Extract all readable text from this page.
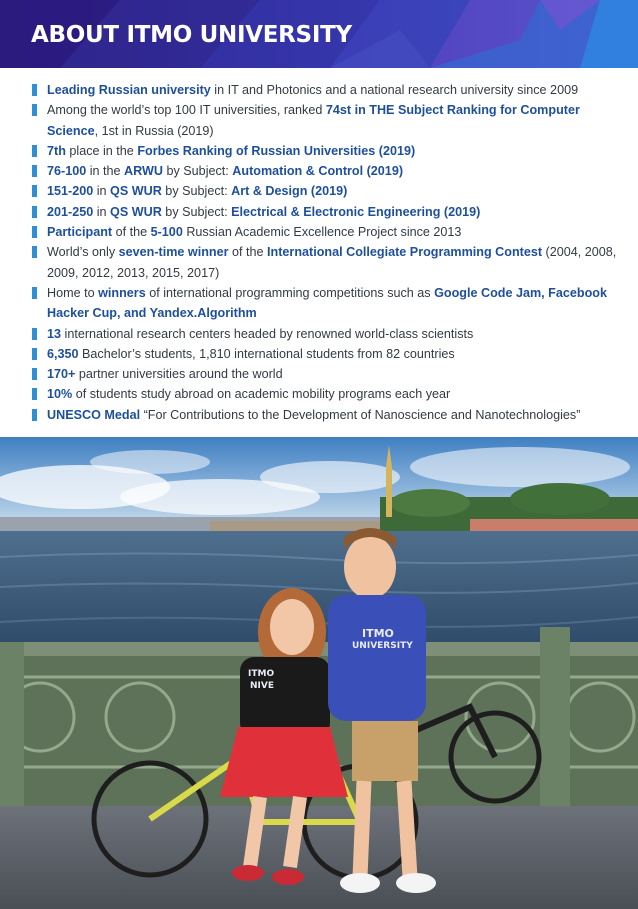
ABOUT ITMO UNIVERSITY
Leading Russian university in IT and Photonics and a national research university since 2009
Among the world’s top 100 IT universities, ranked 74st in THE Subject Ranking for Computer Science, 1st in Russia (2019)
7th place in the Forbes Ranking of Russian Universities (2019)
76-100 in the ARWU by Subject: Automation & Control (2019)
151-200 in QS WUR by Subject: Art & Design (2019)
201-250 in QS WUR by Subject: Electrical & Electronic Engineering (2019)
Participant of the 5-100 Russian Academic Excellence Project since 2013
World’s only seven-time winner of the International Collegiate Programming Contest (2004, 2008, 2009, 2012, 2013, 2015, 2017)
Home to winners of international programming competitions such as Google Code Jam, Facebook Hacker Cup, and Yandex.Algorithm
13 international research centers headed by renowned world-class scientists
6,350 Bachelor’s students, 1,810 international students from 82 countries
170+ partner universities around the world
10% of students study abroad on academic mobility programs each year
UNESCO Medal “For Contributions to the Development of Nanoscience and Nanotechnologies”
ITMO
NIVE
ITMO
UNIVERSITY
